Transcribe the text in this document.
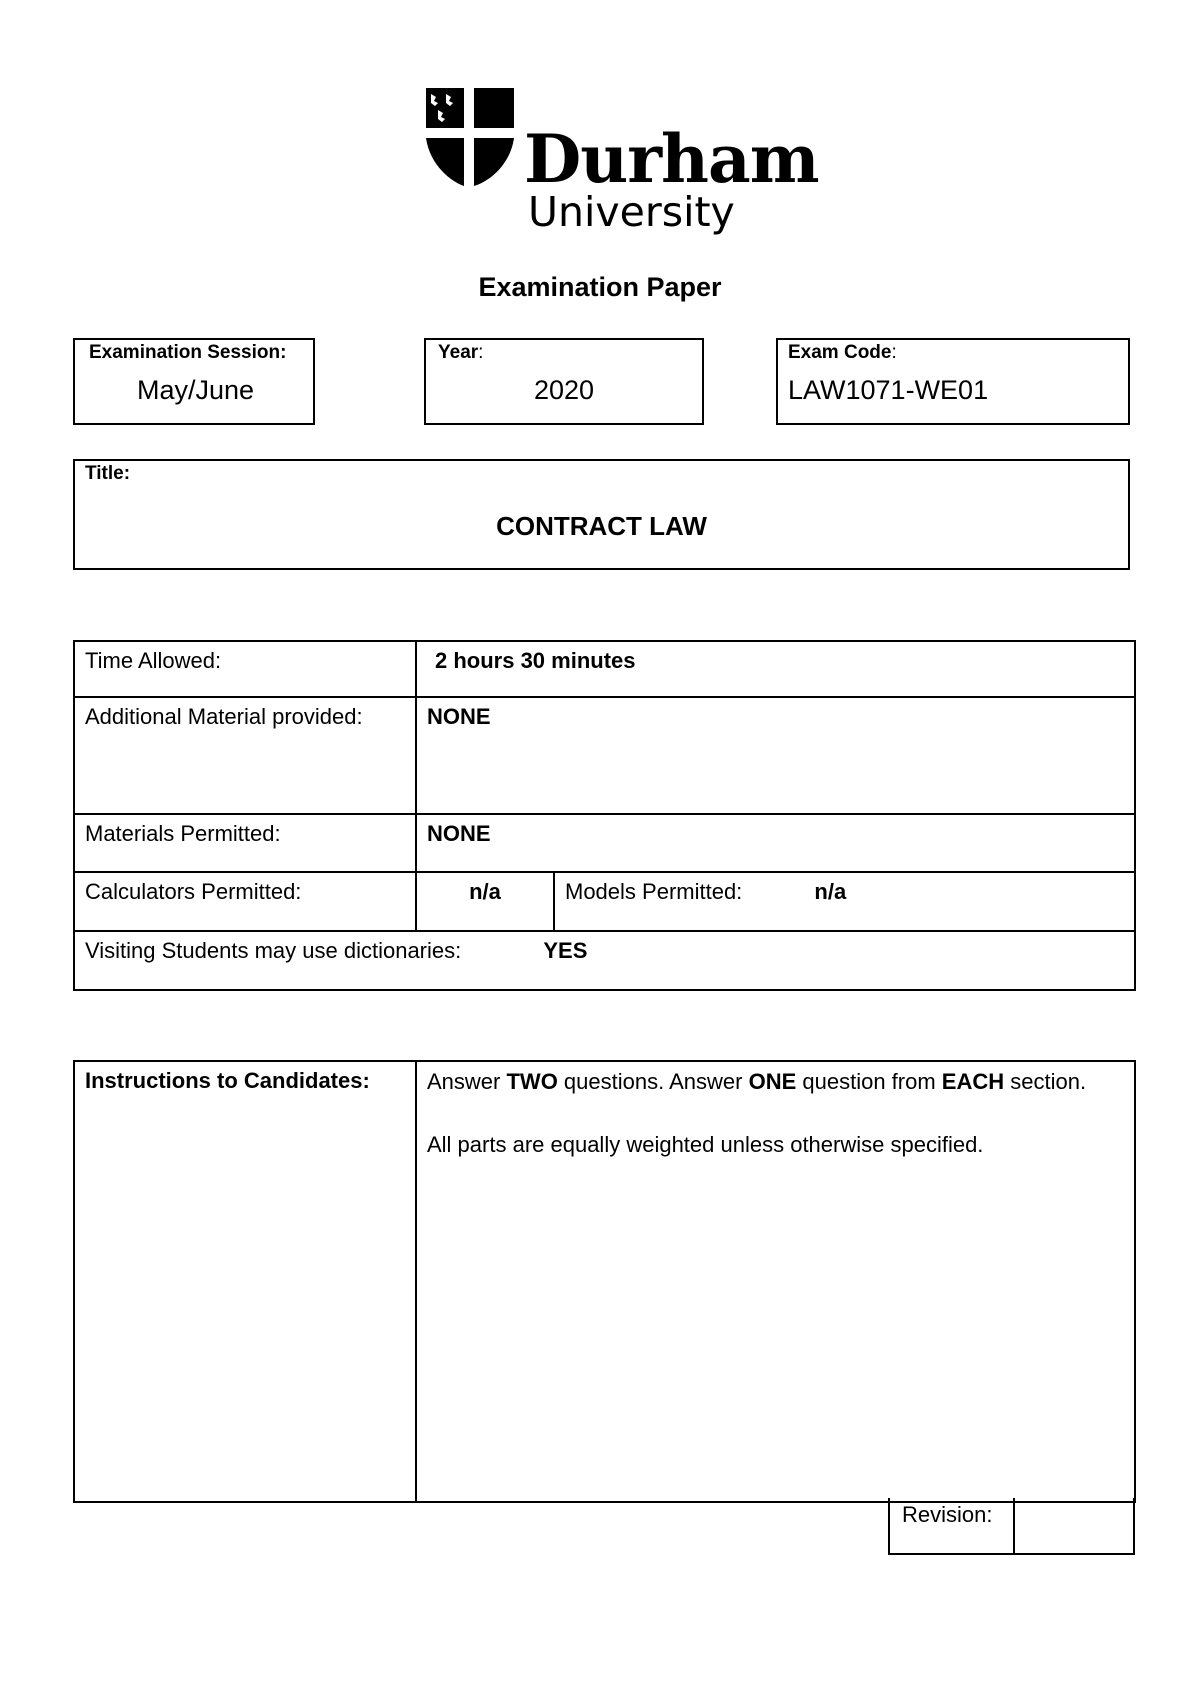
Durham
University
Examination Paper
Examination Session:
May/June
Year:
2020
Exam Code:
LAW1071-WE01
Title:
CONTRACT LAW
Time Allowed:	2 hours 30 minutes	
Additional Material provided:	NONE	
Materials Permitted:	NONE	
Calculators Permitted:	n/a	Models Permitted: n/a
Visiting Students may use dictionaries: YES		
Instructions to Candidates:	Answer TWO questions. Answer ONE question from EACH section.
All parts are equally weighted unless otherwise specified.
Revision:
